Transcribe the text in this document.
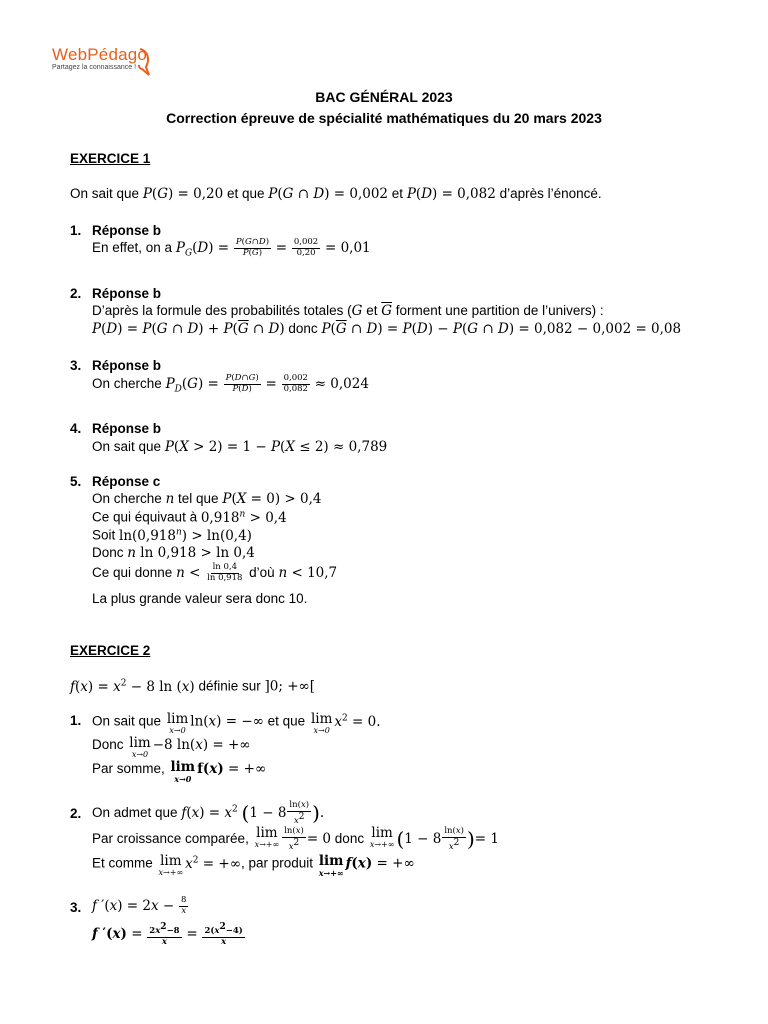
WebPédago
Partagez la connaissance !
BAC GÉNÉRAL 2023
Correction épreuve de spécialité mathématiques du 20 mars 2023
EXERCICE 1
On sait que P(G) = 0,20 et que P(G ∩ D) = 0,002 et P(D) = 0,082 d’après l’énoncé.
1. Réponse b
En effet, on a $P_G(D) = \frac{P(G\cap D)}{P(G)} = \frac{0,002}{0,20} = 0,01$
2. Réponse b
D’après la formule des probabilités totales (G et $\overline{G}$ forment une partition de l’univers) :
P(D) = P(G ∩ $D) + P(\overline{G}$ ∩ D) donc $P(\overline{G}$ ∩ D) = P(D) − P(G ∩ D) = 0,082 − 0,002 = 0,08
3. Réponse b
On cherche $P_D(G) = \frac{P(D\cap G)}{P(D)} = \frac{0,002}{0,082} \approx 0,024$
4. Réponse b
On sait que P(X > 2) = 1 − P(X ≤ 2) ≈ 0,789
5. Réponse c
On cherche n tel que P(X = 0) > 0,4
Ce qui équivaut à $0,918^n > 0,4$
Soit $\ln(0,918^n) > \ln(0,4)$
Donc n ln 0,918 > ln 0,4
Ce qui donne $n < \frac{\ln 0,4}{\ln 0,918}$ d’où n < 10,7
La plus grande valeur sera donc 10.
EXERCICE 2
$f(x) = x^2 - 8$ ln (x) définie sur ]0; +∞[
1. On sait que lim
x→0
ln(x) = −∞ et que lim
x→0
$x^2 = 0$.
Donc lim
x→0
−8 ln(x) = +∞
Par somme, lim
x→0
f(x) = +∞
2. On admet que $f(x) = x^2$ ($1 - 8 \frac{\ln(x)}{x^2}$ ).
Par croissance comparée, lim
$x\to+\infty \frac{\ln(x)}{x^2} = 0$ donc lim
x→+∞ ($1 - 8 \frac{\ln(x)}{x^2}$ )= 1
Et comme lim
x→+∞
$x^2$ = +∞, par produit lim
x→+∞
f(x) = +∞
3. f $'(x) = 2x - \frac{8}{x}$
f $'(x) = \frac{2x^2-8}{x} = \frac{2(x^2-4)}{x}$
